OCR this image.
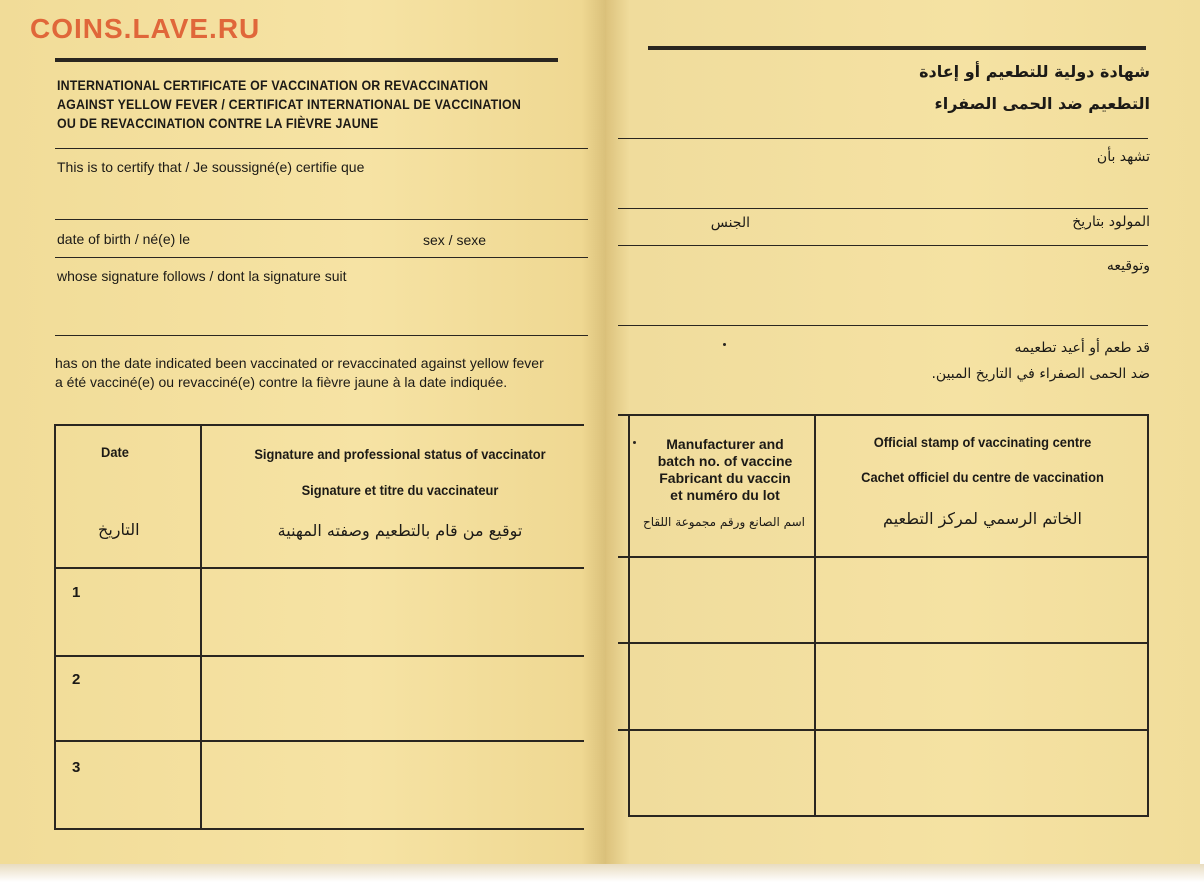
COINS.LAVE.RU
INTERNATIONAL CERTIFICATE OF VACCINATION OR REVACCINATION
AGAINST YELLOW FEVER / CERTIFICAT INTERNATIONAL DE VACCINATION
OU DE REVACCINATION CONTRE LA FIÈVRE JAUNE
This is to certify that / Je soussigné(e) certifie que
date of birth / né(e) le	sex / sexe
whose signature follows / dont la signature suit
has on the date indicated been vaccinated or revaccinated against yellow fever
a été vacciné(e) ou revacciné(e) contre la fièvre jaune à la date indiquée.
Date
التاريخ
Signature and professional status of vaccinator
Signature et titre du vaccinateur
توقيع من قام بالتطعيم وصفته المهنية
1
2
3
شهادة دولية للتطعيم أو إعادة
التطعيم ضد الحمى الصفراء
تشهد بأن
المولود بتاريخ
الجنس
وتوقيعه
قد طعم أو أعيد تطعيمه
ضد الحمى الصفراء في التاريخ المبين.
Manufacturer and
batch no. of vaccine
Fabricant du vaccin
et numéro du lot
اسم الصانع ورقم مجموعة اللقاح
Official stamp of vaccinating centre
Cachet officiel du centre de vaccination
الخاتم الرسمي لمركز التطعيم
